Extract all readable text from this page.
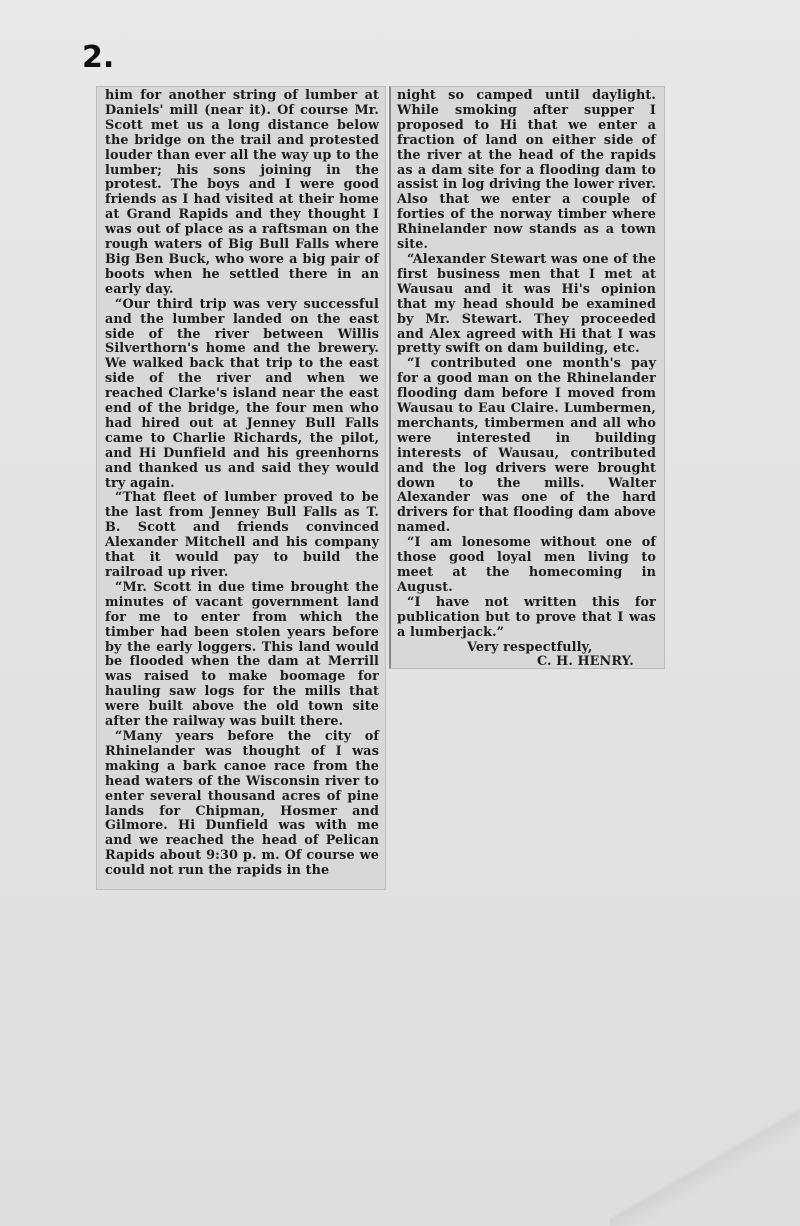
2.

him for another string of lumber at Daniels' mill (near it). Of course Mr. Scott met us a long distance below the bridge on the trail and protested louder than ever all the way up to the lumber; his sons joining in the protest. The boys and I were good friends as I had visited at their home at Grand Rapids and they thought I was out of place as a raftsman on the rough waters of Big Bull Falls where Big Ben Buck, who wore a big pair of boots when he settled there in an early day.

“Our third trip was very successful and the lumber landed on the east side of the river between Willis Silverthorn's home and the brewery. We walked back that trip to the east side of the river and when we reached Clarke's island near the east end of the bridge, the four men who had hired out at Jenney Bull Falls came to Charlie Richards, the pilot, and Hi Dunfield and his greenhorns and thanked us and said they would try again.

“That fleet of lumber proved to be the last from Jenney Bull Falls as T. B. Scott and friends convinced Alexander Mitchell and his company that it would pay to build the railroad up river.

“Mr. Scott in due time brought the minutes of vacant government land for me to enter from which the timber had been stolen years before by the early loggers. This land would be flooded when the dam at Merrill was raised to make boomage for hauling saw logs for the mills that were built above the old town site after the railway was built there.

“Many years before the city of Rhinelander was thought of I was making a bark canoe race from the head waters of the Wisconsin river to enter several thousand acres of pine lands for Chipman, Hosmer and Gilmore. Hi Dunfield was with me and we reached the head of Pelican Rapids about 9:30 p. m. Of course we could not run the rapids in the

night so camped until daylight. While smoking after supper I proposed to Hi that we enter a fraction of land on either side of the river at the head of the rapids as a dam site for a flooding dam to assist in log driving the lower river. Also that we enter a couple of forties of the norway timber where Rhinelander now stands as a town site.

“Alexander Stewart was one of the first business men that I met at Wausau and it was Hi's opinion that my head should be examined by Mr. Stewart. They proceeded and Alex agreed with Hi that I was pretty swift on dam building, etc.

“I contributed one month's pay for a good man on the Rhinelander flooding dam before I moved from Wausau to Eau Claire. Lumbermen, merchants, timbermen and all who were interested in building interests of Wausau, contributed and the log drivers were brought down to the mills. Walter Alexander was one of the hard drivers for that flooding dam above named.

“I am lonesome without one of those good loyal men living to meet at the homecoming in August.

“I have not written this for publication but to prove that I was a lumberjack.”

Very respectfully,

C. H. HENRY.
